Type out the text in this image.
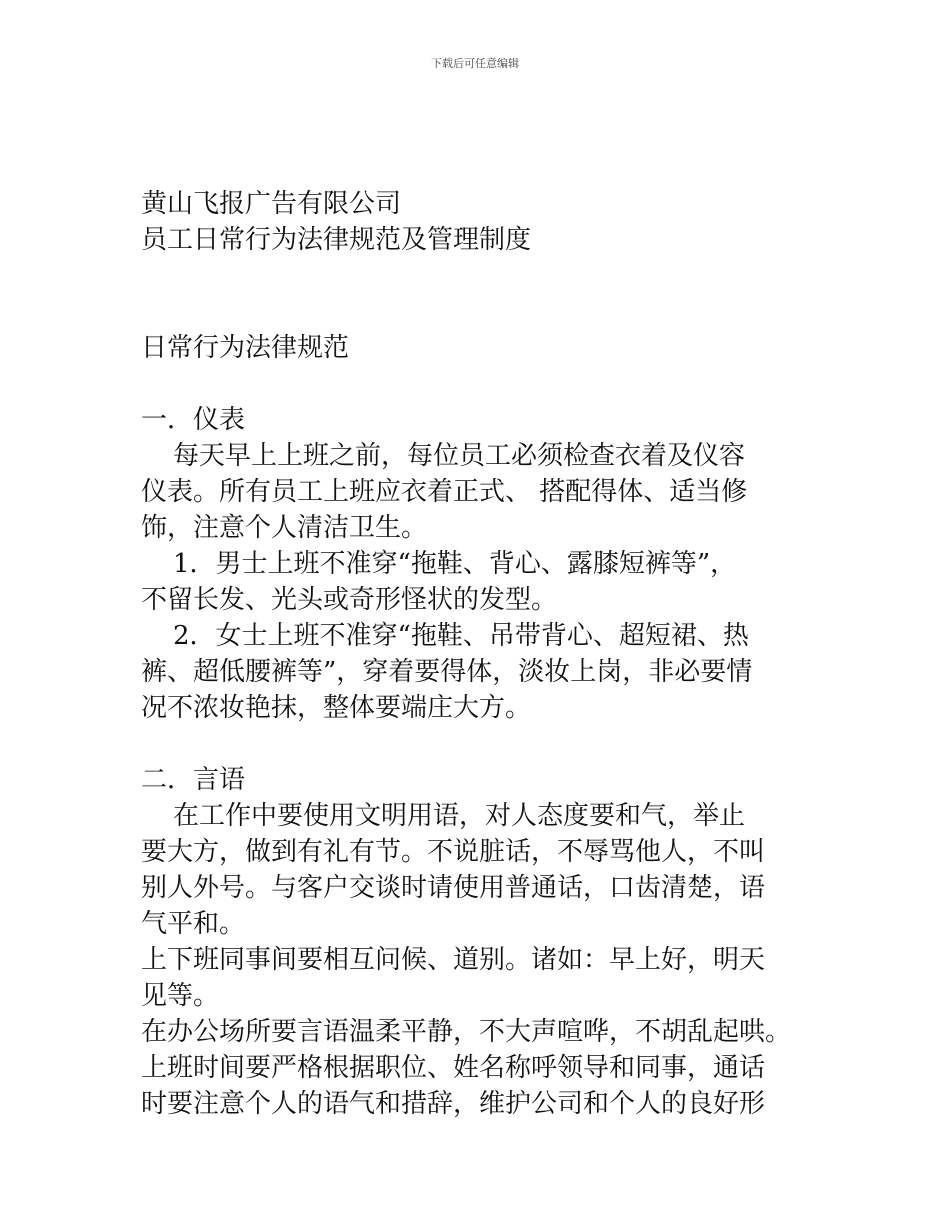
下载后可任意编辑
黄山飞报广告有限公司
员工日常行为法律规范及管理制度
日常行为法律规范
一．仪表
每天早上上班之前，每位员工必须检查衣着及仪容
仪表。所有员工上班应衣着正式、 搭配得体、适当修
饰，注意个人清洁卫生。
1．男士上班不准穿“拖鞋、背心、露膝短裤等”，
不留长发、光头或奇形怪状的发型。
2．女士上班不准穿“拖鞋、吊带背心、超短裙、热
裤、超低腰裤等”，穿着要得体，淡妆上岗，非必要情
况不浓妆艳抹，整体要端庄大方。
二．言语
在工作中要使用文明用语，对人态度要和气，举止
要大方，做到有礼有节。不说脏话，不辱骂他人，不叫
别人外号。与客户交谈时请使用普通话，口齿清楚，语
气平和。
上下班同事间要相互问候、道别。诸如：早上好，明天
见等。
在办公场所要言语温柔平静，不大声喧哗，不胡乱起哄。
上班时间要严格根据职位、姓名称呼领导和同事，通话
时要注意个人的语气和措辞，维护公司和个人的良好形
